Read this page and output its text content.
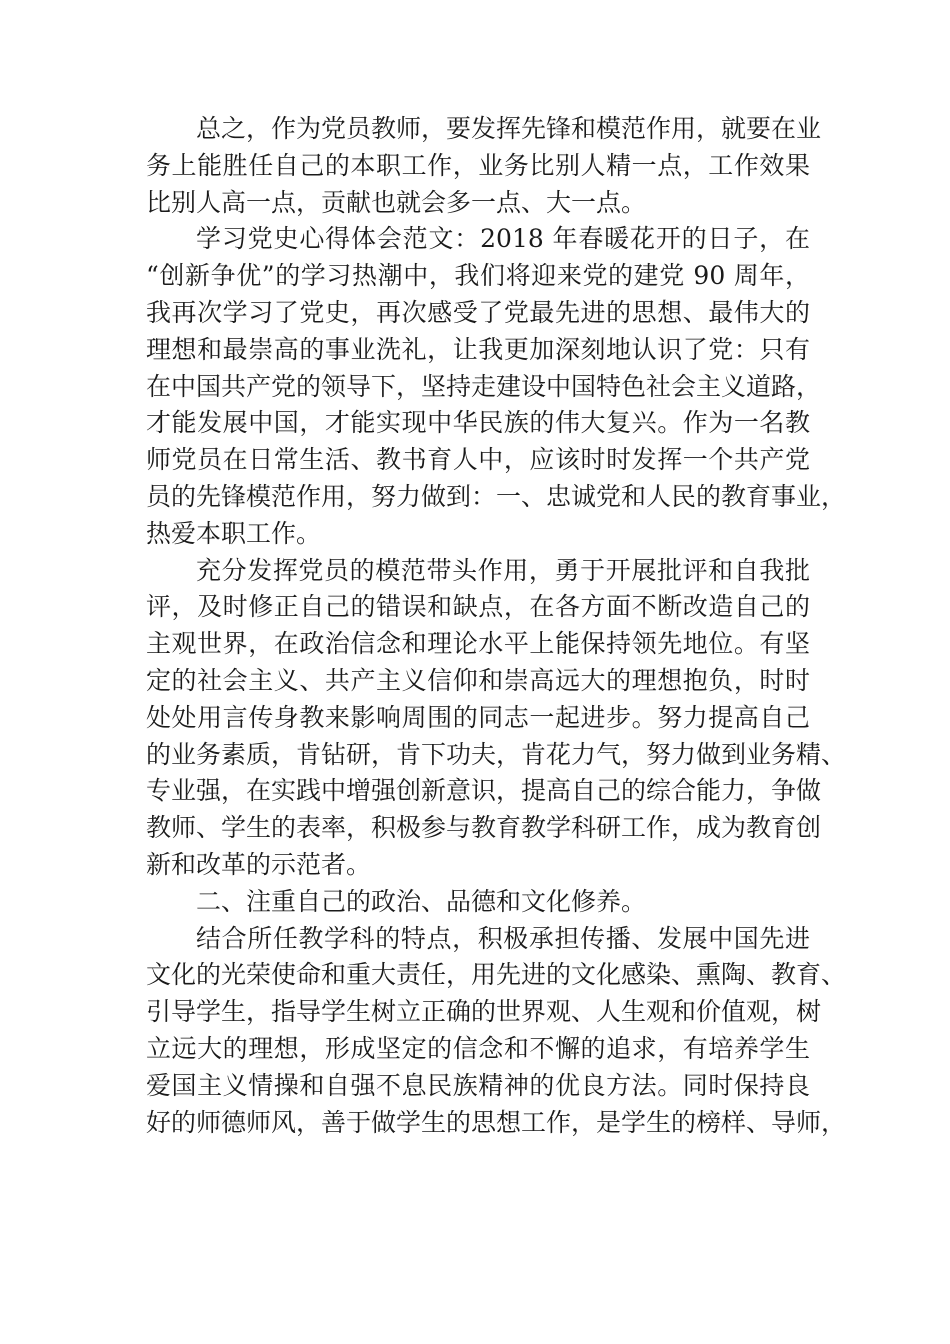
总之，作为党员教师，要发挥先锋和模范作用，就要在业
务上能胜任自己的本职工作，业务比别人精一点，工作效果
比别人高一点，贡献也就会多一点、大一点。
学习党史心得体会范文：2018 年春暖花开的日子，在
“创新争优”的学习热潮中，我们将迎来党的建党 90 周年，
我再次学习了党史，再次感受了党最先进的思想、最伟大的
理想和最崇高的事业洗礼，让我更加深刻地认识了党：只有
在中国共产党的领导下，坚持走建设中国特色社会主义道路，
才能发展中国，才能实现中华民族的伟大复兴。作为一名教
师党员在日常生活、教书育人中，应该时时发挥一个共产党
员的先锋模范作用，努力做到：一、忠诚党和人民的教育事业，
热爱本职工作。
充分发挥党员的模范带头作用，勇于开展批评和自我批
评，及时修正自己的错误和缺点，在各方面不断改造自己的
主观世界，在政治信念和理论水平上能保持领先地位。有坚
定的社会主义、共产主义信仰和崇高远大的理想抱负，时时
处处用言传身教来影响周围的同志一起进步。努力提高自己
的业务素质，肯钻研，肯下功夫，肯花力气，努力做到业务精、
专业强，在实践中增强创新意识，提高自己的综合能力，争做
教师、学生的表率，积极参与教育教学科研工作，成为教育创
新和改革的示范者。
二、注重自己的政治、品德和文化修养。
结合所任教学科的特点，积极承担传播、发展中国先进
文化的光荣使命和重大责任，用先进的文化感染、熏陶、教育、
引导学生，指导学生树立正确的世界观、人生观和价值观，树
立远大的理想，形成坚定的信念和不懈的追求，有培养学生
爱国主义情操和自强不息民族精神的优良方法。同时保持良
好的师德师风，善于做学生的思想工作，是学生的榜样、导师，
